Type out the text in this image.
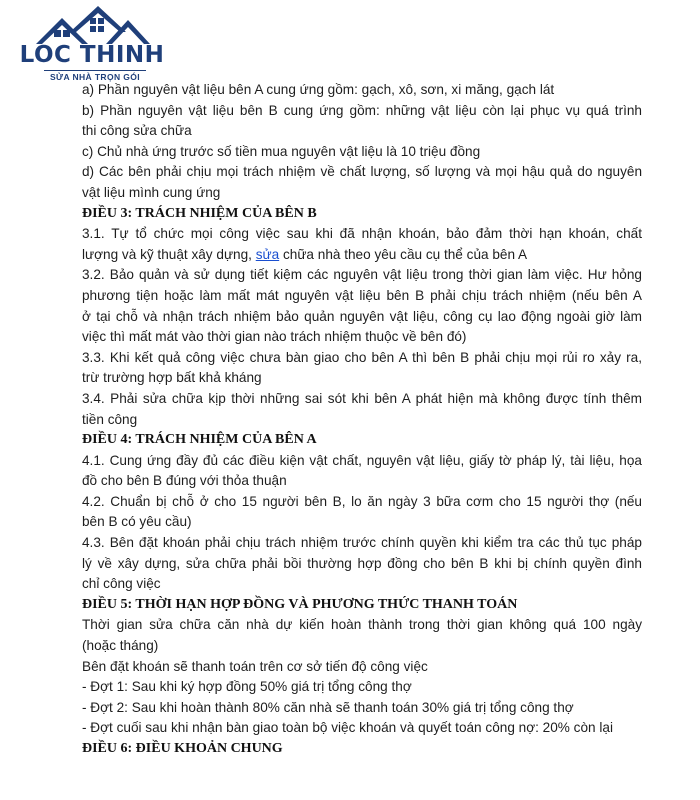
LOC THINH
SỬA NHÀ TRỌN GÓI
a) Phần nguyên vật liệu bên A cung ứng gồm: gạch, xô, sơn, xi măng, gạch lát
b) Phần nguyên vật liệu bên B cung ứng gồm: những vật liệu còn lại phục vụ quá trình
thi công sửa chữa
c) Chủ nhà ứng trước số tiền mua nguyên vật liệu là 10 triệu đồng
d) Các bên phải chịu mọi trách nhiệm về chất lượng, số lượng và mọi hậu quả do nguyên
vật liệu mình cung ứng
ĐIỀU 3: TRÁCH NHIỆM CỦA BÊN B
3.1. Tự tổ chức mọi công việc sau khi đã nhận khoán, bảo đảm thời hạn khoán, chất
lượng và kỹ thuật xây dựng, sửa chữa nhà theo yêu cầu cụ thể của bên A
3.2. Bảo quản và sử dụng tiết kiệm các nguyên vật liệu trong thời gian làm việc. Hư hỏng
phương tiện hoặc làm mất mát nguyên vật liệu bên B phải chịu trách nhiệm (nếu bên A
ở tại chỗ và nhận trách nhiệm bảo quản nguyên vật liệu, công cụ lao động ngoài giờ làm
việc thì mất mát vào thời gian nào trách nhiệm thuộc về bên đó)
3.3. Khi kết quả công việc chưa bàn giao cho bên A thì bên B phải chịu mọi rủi ro xảy ra,
trừ trường hợp bất khả kháng
3.4. Phải sửa chữa kịp thời những sai sót khi bên A phát hiện mà không được tính thêm
tiền công
ĐIỀU 4: TRÁCH NHIỆM CỦA BÊN A
4.1. Cung ứng đầy đủ các điều kiện vật chất, nguyên vật liệu, giấy tờ pháp lý, tài liệu, họa
đồ cho bên B đúng với thỏa thuận
4.2. Chuẩn bị chỗ ở cho 15 người bên B, lo ăn ngày 3 bữa cơm cho 15 người thợ (nếu
bên B có yêu cầu)
4.3. Bên đặt khoán phải chịu trách nhiệm trước chính quyền khi kiểm tra các thủ tục pháp
lý về xây dựng, sửa chữa phải bồi thường hợp đồng cho bên B khi bị chính quyền đình
chỉ công việc
ĐIỀU 5: THỜI HẠN HỢP ĐỒNG VÀ PHƯƠNG THỨC THANH TOÁN
Thời gian sửa chữa căn nhà dự kiến hoàn thành trong thời gian không quá 100 ngày
(hoặc tháng)
Bên đặt khoán sẽ thanh toán trên cơ sở tiến độ công việc
- Đợt 1: Sau khi ký hợp đồng 50% giá trị tổng công thợ
- Đợt 2: Sau khi hoàn thành 80% căn nhà sẽ thanh toán 30% giá trị tổng công thợ
- Đợt cuối sau khi nhận bàn giao toàn bộ việc khoán và quyết toán công nợ: 20% còn lại
ĐIỀU 6: ĐIỀU KHOẢN CHUNG
